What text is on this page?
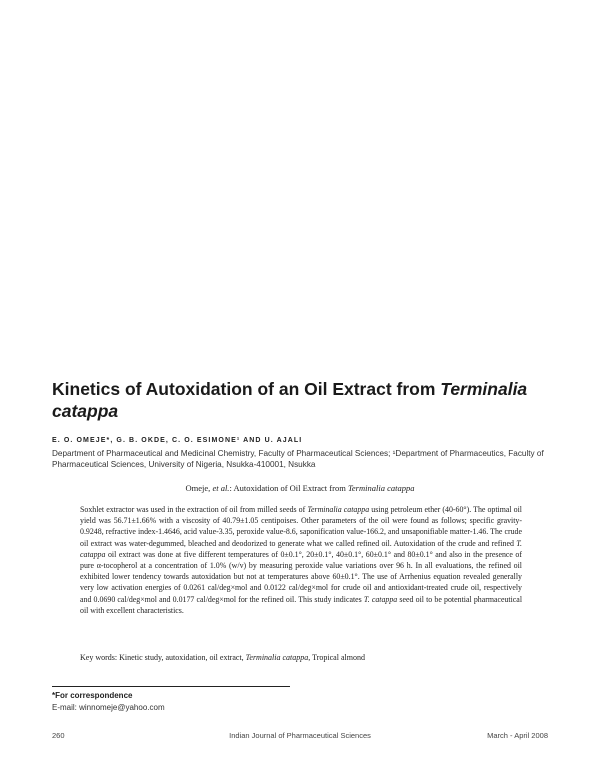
Kinetics of Autoxidation of an Oil Extract from Terminalia catappa
E. O. OMEJE*, G. B. OKDE, C. O. ESIMONE¹ AND U. AJALI
Department of Pharmaceutical and Medicinal Chemistry, Faculty of Pharmaceutical Sciences; ¹Department of Pharmaceutics, Faculty of Pharmaceutical Sciences, University of Nigeria, Nsukka-410001, Nsukka
Omeje, et al.: Autoxidation of Oil Extract from Terminalia catappa

Soxhlet extractor was used in the extraction of oil from milled seeds of Terminalia catappa using petroleum ether (40-60°). The optimal oil yield was 56.71±1.66% with a viscosity of 40.79±1.05 centipoises. Other parameters of the oil were found as follows; specific gravity-0.9248, refractive index-1.4646, acid value-3.35, peroxide value-8.6, saponification value-166.2, and unsaponifiable matter-1.46. The crude oil extract was water-degummed, bleached and deodorized to generate what we called refined oil. Autoxidation of the crude and refined T. catappa oil extract was done at five different temperatures of 0±0.1°, 20±0.1°, 40±0.1°, 60±0.1° and 80±0.1° and also in the presence of pure α-tocopherol at a concentration of 1.0% (w/v) by measuring peroxide value variations over 96 h. In all evaluations, the refined oil exhibited lower tendency towards autoxidation but not at temperatures above 60±0.1°. The use of Arrhenius equation revealed generally very low activation energies of 0.0261 cal/deg×mol and 0.0122 cal/deg×mol for crude oil and antioxidant-treated crude oil, respectively and 0.0690 cal/deg×mol and 0.0177 cal/deg×mol for the refined oil. This study indicates T. catappa seed oil to be potential pharmaceutical oil with excellent characteristics.

Key words: Kinetic study, autoxidation, oil extract, Terminalia catappa, Tropical almond
*For correspondence
E-mail: winnomeje@yahoo.com
260	Indian Journal of Pharmaceutical Sciences	March - April 2008
